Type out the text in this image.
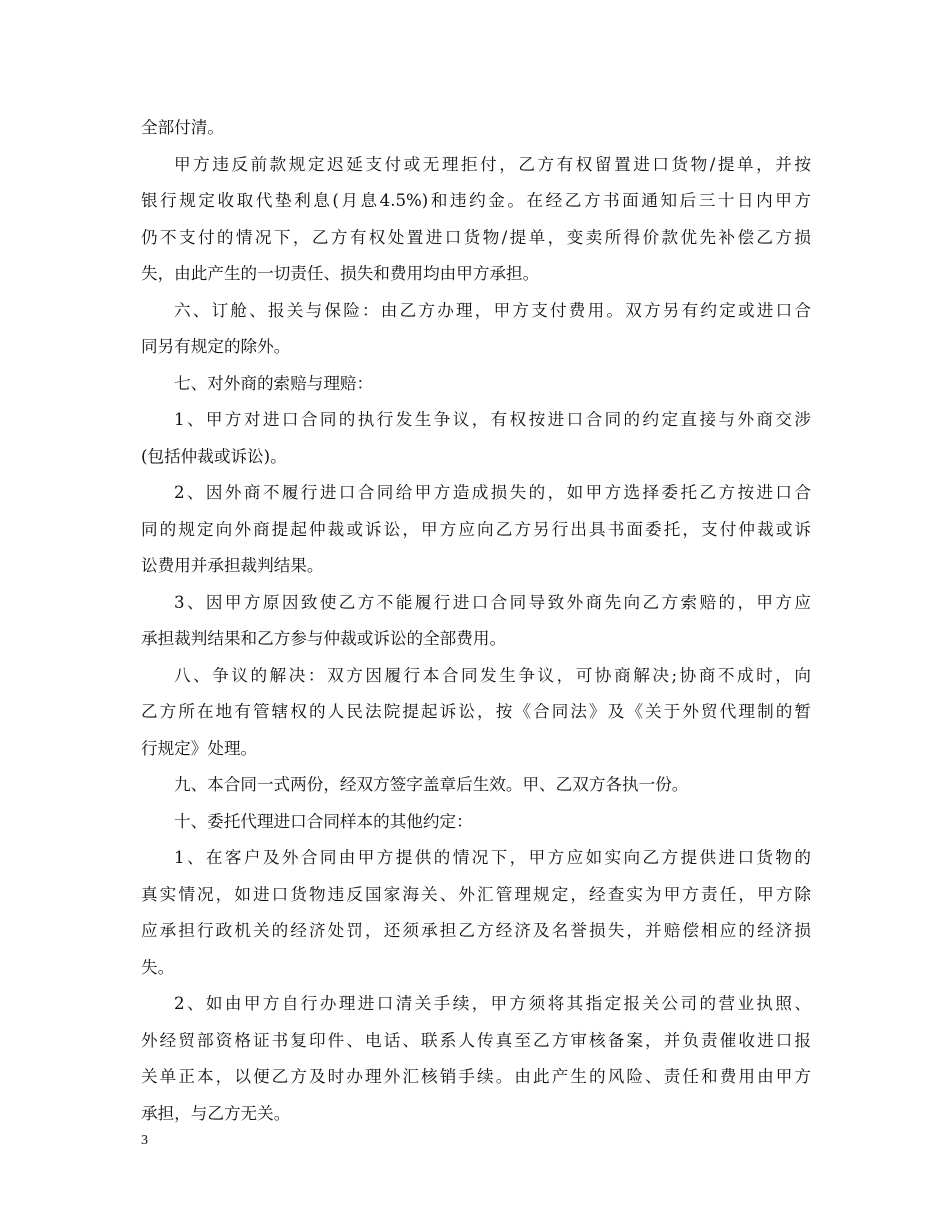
全部付清。
甲方违反前款规定迟延支付或无理拒付，乙方有权留置进口货物/提单，并按
银行规定收取代垫利息(月息4.5%)和违约金。在经乙方书面通知后三十日内甲方
仍不支付的情况下，乙方有权处置进口货物/提单，变卖所得价款优先补偿乙方损
失，由此产生的一切责任、损失和费用均由甲方承担。
六、订舱、报关与保险：由乙方办理，甲方支付费用。双方另有约定或进口合
同另有规定的除外。
七、对外商的索赔与理赔：
1、甲方对进口合同的执行发生争议，有权按进口合同的约定直接与外商交涉
(包括仲裁或诉讼)。
2、因外商不履行进口合同给甲方造成损失的，如甲方选择委托乙方按进口合
同的规定向外商提起仲裁或诉讼，甲方应向乙方另行出具书面委托，支付仲裁或诉
讼费用并承担裁判结果。
3、因甲方原因致使乙方不能履行进口合同导致外商先向乙方索赔的，甲方应
承担裁判结果和乙方参与仲裁或诉讼的全部费用。
八、争议的解决：双方因履行本合同发生争议，可协商解决;协商不成时，向
乙方所在地有管辖权的人民法院提起诉讼，按《合同法》及《关于外贸代理制的暂
行规定》处理。
九、本合同一式两份，经双方签字盖章后生效。甲、乙双方各执一份。
十、委托代理进口合同样本的其他约定：
1、在客户及外合同由甲方提供的情况下，甲方应如实向乙方提供进口货物的
真实情况，如进口货物违反国家海关、外汇管理规定，经查实为甲方责任，甲方除
应承担行政机关的经济处罚，还须承担乙方经济及名誉损失，并赔偿相应的经济损
失。
2、如由甲方自行办理进口清关手续，甲方须将其指定报关公司的营业执照、
外经贸部资格证书复印件、电话、联系人传真至乙方审核备案，并负责催收进口报
关单正本，以便乙方及时办理外汇核销手续。由此产生的风险、责任和费用由甲方
承担，与乙方无关。
3
